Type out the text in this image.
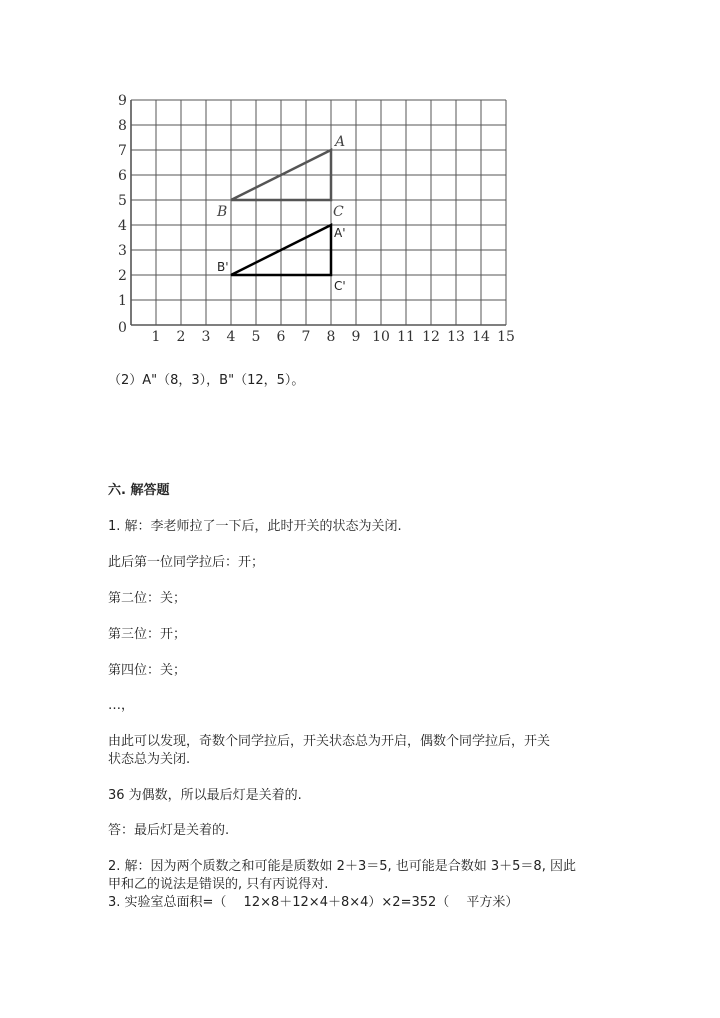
0
1 2 3 4 5 6 7 8 9 10 11 12 13 14 15
1
2
3
4
5
6
7
8
9
A
B	C
A'
B'
C'
（2）A"（8，3），B"（12，5）。
六. 解答题
1. 解：李老师拉了一下后，此时开关的状态为关闭.
此后第一位同学拉后：开；
第二位：关；
第三位：开；
第四位：关；
…，
由此可以发现，奇数个同学拉后，开关状态总为开启，偶数个同学拉后，开关
状态总为关闭.
36 为偶数，所以最后灯是关着的.
答：最后灯是关着的.
2. 解：因为两个质数之和可能是质数如 2＋3＝5, 也可能是合数如 3＋5＝8, 因此
甲和乙的说法是错误的, 只有丙说得对.
3. 实验室总面积=（　 12×8＋12×4＋8×4）×2=352（　 平方米）
